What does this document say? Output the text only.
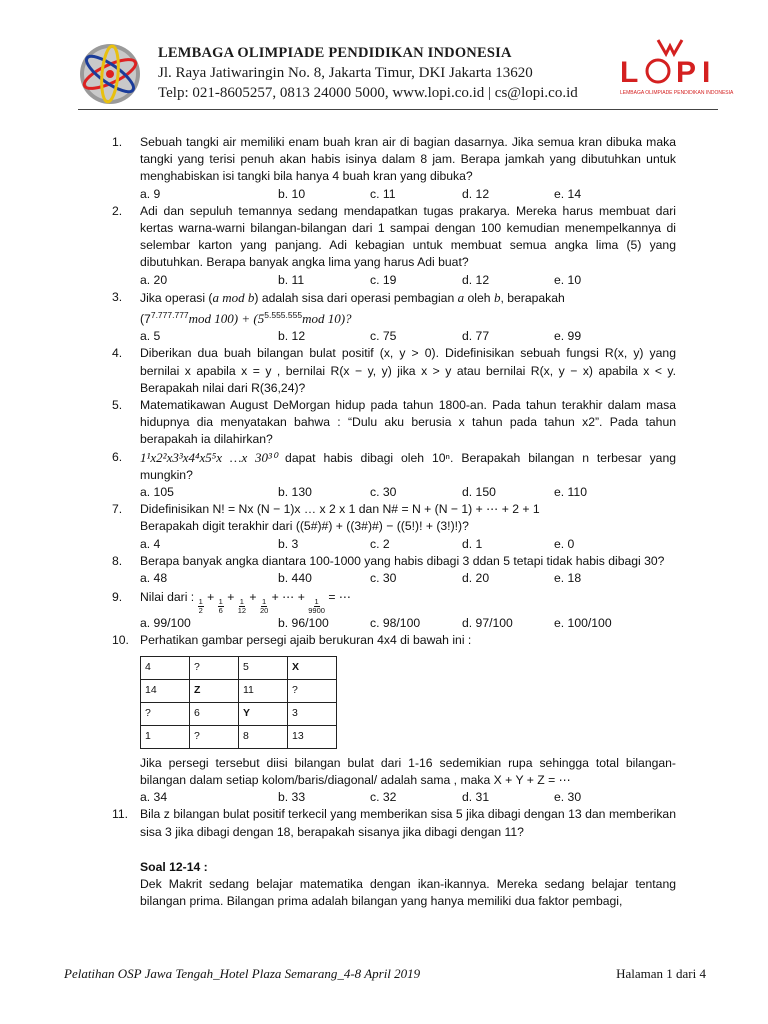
LEMBAGA OLIMPIADE PENDIDIKAN INDONESIA
Jl. Raya Jatiwaringin No. 8, Jakarta Timur, DKI Jakarta 13620
Telp: 021-8605257, 0813 24000 5000, www.lopi.co.id | cs@lopi.co.id
L P I
LEMBAGA OLIMPIADE PENDIDIKAN INDONESIA
1. Sebuah tangki air memiliki enam buah kran air di bagian dasarnya. Jika semua kran dibuka maka tangki yang terisi penuh akan habis isinya dalam 8 jam. Berapa jamkah yang dibutuhkan untuk menghabiskan isi tangki bila hanya 4 buah kran yang dibuka?

a. 9	b. 10	c. 11	d. 12	e. 14
2. Adi dan sepuluh temannya sedang mendapatkan tugas prakarya. Mereka harus membuat dari kertas warna-warni bilangan-bilangan dari 1 sampai dengan 100 kemudian menempelkannya di selembar karton yang panjang. Adi kebagian untuk membuat semua angka lima (5) yang dibutuhkan. Berapa banyak angka lima yang harus Adi buat?

a. 20	b. 11	c. 19	d. 12	e. 10
3. Jika operasi (a mod b) adalah sisa dari operasi pembagian a oleh b, berapakah
($7^{7.777.777}mod$ $100) + (5^{5.555.555}mod$ 10)?

a. 5	b. 12	c. 75	d. 77	e. 99
4. Diberikan dua buah bilangan bulat positif (x, y > 0). Didefinisikan sebuah fungsi R(x, y) yang bernilai x apabila x = y , bernilai R(x − y, y) jika x > y atau bernilai R(x, y − x) apabila x < y. Berapakah nilai dari R(36,24)?

5. Matematikawan August DeMorgan hidup pada tahun 1800-an. Pada tahun terakhir dalam masa hidupnya dia menyatakan bahwa : “Dulu aku berusia x tahun pada tahun x2”. Pada tahun berapakah ia dilahirkan?

6. 1¹x2²x3³x4⁴x5⁵x …x 30³⁰ dapat habis dibagi oleh 10ⁿ. Berapakah bilangan n terbesar yang mungkin?

a. 105	b. 130	c. 30	d. 150	e. 110
7. Didefinisikan N! = Nx (N − 1)x … x 2 x 1 dan N# = N + (N − 1) + ⋯ + 2 + 1
Berapakah digit terakhir dari ((5#)#) + ((3#)#) − ((5!)! + (3!)!)?

a. 4	b. 3	c. 2	d. 1	e. 0
8. Berapa banyak angka diantara 100-1000 yang habis dibagi 3 ddan 5 tetapi tidak habis dibagi 30?

a. 48	b. 440	c. 30	d. 20	e. 18
9. Nilai dari :
$\frac{1}{2}$
+
$\frac{1}{6}$
+
$\frac{1}{12}$
+
$\frac{1}{20}$
+ ⋯ +
$\frac{1}{9900}$
= ⋯

a. 99/100	b. 96/100	c. 98/100	d. 97/100	e. 100/100
10. Perhatikan gambar persegi ajaib berukuran 4x4 di bawah ini :

4	?	5	X
14	Z	11	?
?	6	Y	3
1	?	8	13

Jika persegi tersebut diisi bilangan bulat dari 1-16 sedemikian rupa sehingga total bilangan-bilangan dalam setiap kolom/baris/diagonal/ adalah sama , maka X + Y + Z = ⋯

a. 34	b. 33	c. 32	d. 31	e. 30
11. Bila z bilangan bulat positif terkecil yang memberikan sisa 5 jika dibagi dengan 13 dan memberikan sisa 3 jika dibagi dengan 18, berapakah sisanya jika dibagi dengan 11?

Soal 12-14 :

Dek Makrit sedang belajar matematika dengan ikan-ikannya. Mereka sedang belajar tentang bilangan prima. Bilangan prima adalah bilangan yang hanya memiliki dua faktor pembagi,

Pelatihan OSP Jawa Tengah_Hotel Plaza Semarang_4-8 April 2019	Halaman 1 dari 4
